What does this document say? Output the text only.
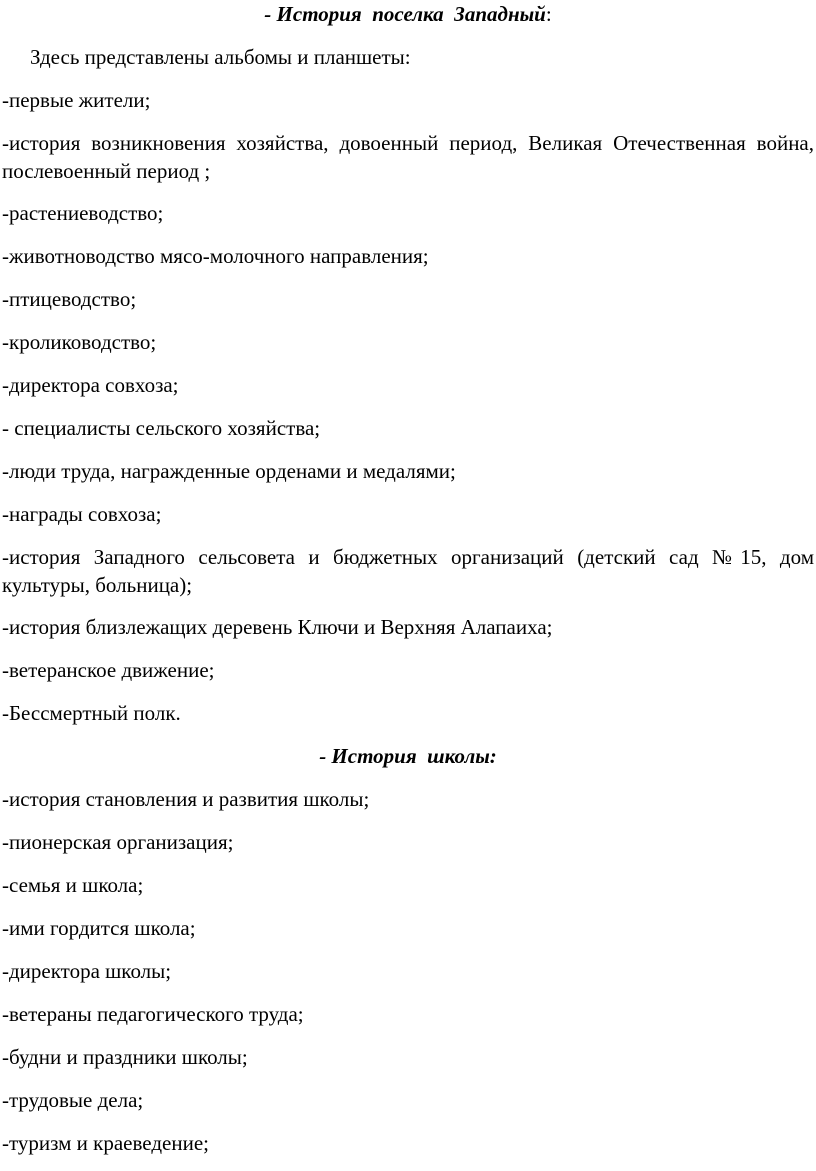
- История  поселка  Западный:

Здесь представлены альбомы и планшеты:

-первые жители;

-история возникновения хозяйства, довоенный период, Великая Отечественная война, послевоенный период ;

-растениеводство;

-животноводство мясо-молочного направления;

-птицеводство;

-кролиководство;

-директора совхоза;

- специалисты сельского хозяйства;

-люди труда, награжденные орденами и медалями;

-награды совхоза;

-история Западного сельсовета и бюджетных организаций (детский сад №15, дом культуры, больница);

-история близлежащих деревень Ключи и Верхняя Алапаиха;

-ветеранское движение;

-Бессмертный полк.

- История  школы:

-история становления и развития школы;

-пионерская организация;

-семья и школа;

-ими гордится школа;

-директора школы;

-ветераны педагогического труда;

-будни и праздники школы;

-трудовые дела;

-туризм и краеведение;
